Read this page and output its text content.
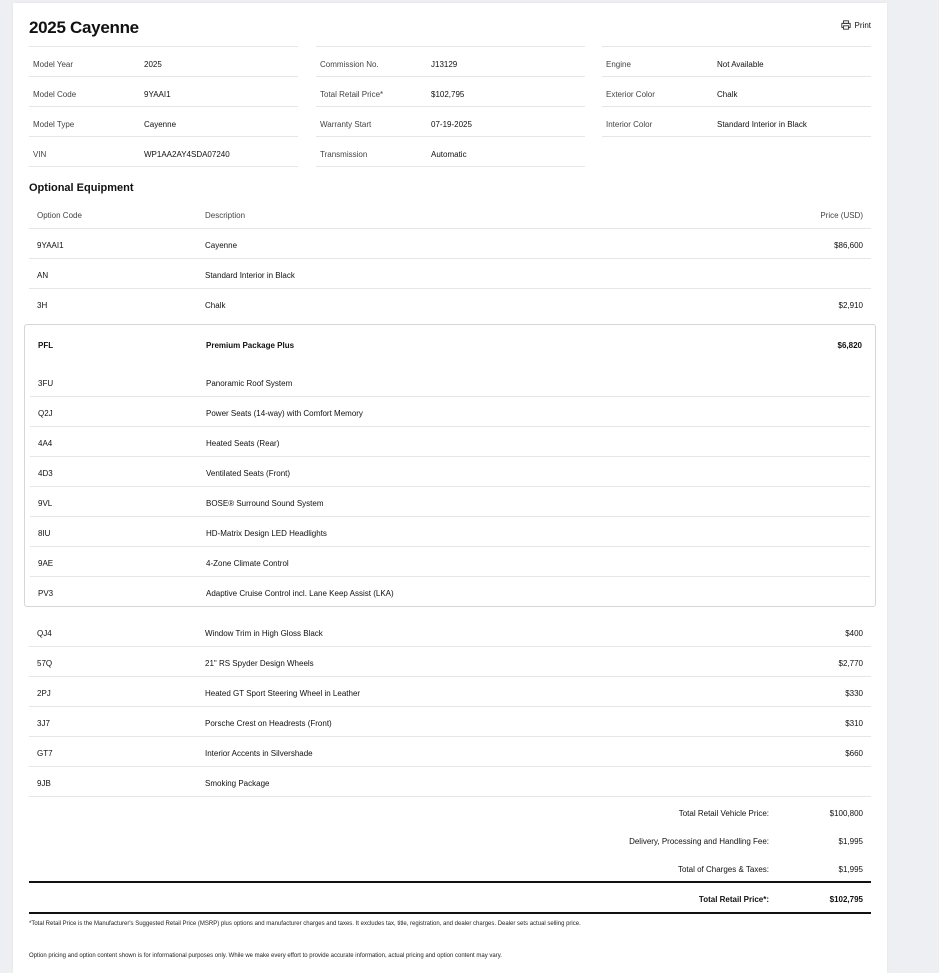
2025 Cayenne	Print
Model Year	2025
Model Code	9YAAI1
Model Type	Cayenne
VIN	WP1AA2AY4SDA07240
Commission No.	J13129
Total Retail Price*	$102,795
Warranty Start	07-19-2025
Transmission	Automatic
Engine	Not Available
Exterior Color	Chalk
Interior Color	Standard Interior in Black
Optional Equipment
Option Code	Description	Price (USD)
9YAAI1	Cayenne	$86,600
AN	Standard Interior in Black
3H	Chalk	$2,910
PFL	Premium Package Plus	$6,820
3FU	Panoramic Roof System
Q2J	Power Seats (14-way) with Comfort Memory
4A4	Heated Seats (Rear)
4D3	Ventilated Seats (Front)
9VL	BOSE® Surround Sound System
8IU	HD-Matrix Design LED Headlights
9AE	4-Zone Climate Control
PV3	Adaptive Cruise Control incl. Lane Keep Assist (LKA)
QJ4	Window Trim in High Gloss Black	$400
57Q	21" RS Spyder Design Wheels	$2,770
2PJ	Heated GT Sport Steering Wheel in Leather	$330
3J7	Porsche Crest on Headrests (Front)	$310
GT7	Interior Accents in Silvershade	$660
9JB	Smoking Package
Total Retail Vehicle Price:	$100,800
Delivery, Processing and Handling Fee:	$1,995
Total of Charges & Taxes:	$1,995
Total Retail Price*:	$102,795
*Total Retail Price is the Manufacturer's Suggested Retail Price (MSRP) plus options and manufacturer charges and taxes. It excludes tax, title, registration, and dealer charges. Dealer sets actual selling price.
Option pricing and option content shown is for informational purposes only. While we make every effort to provide accurate information, actual pricing and option content may vary.
